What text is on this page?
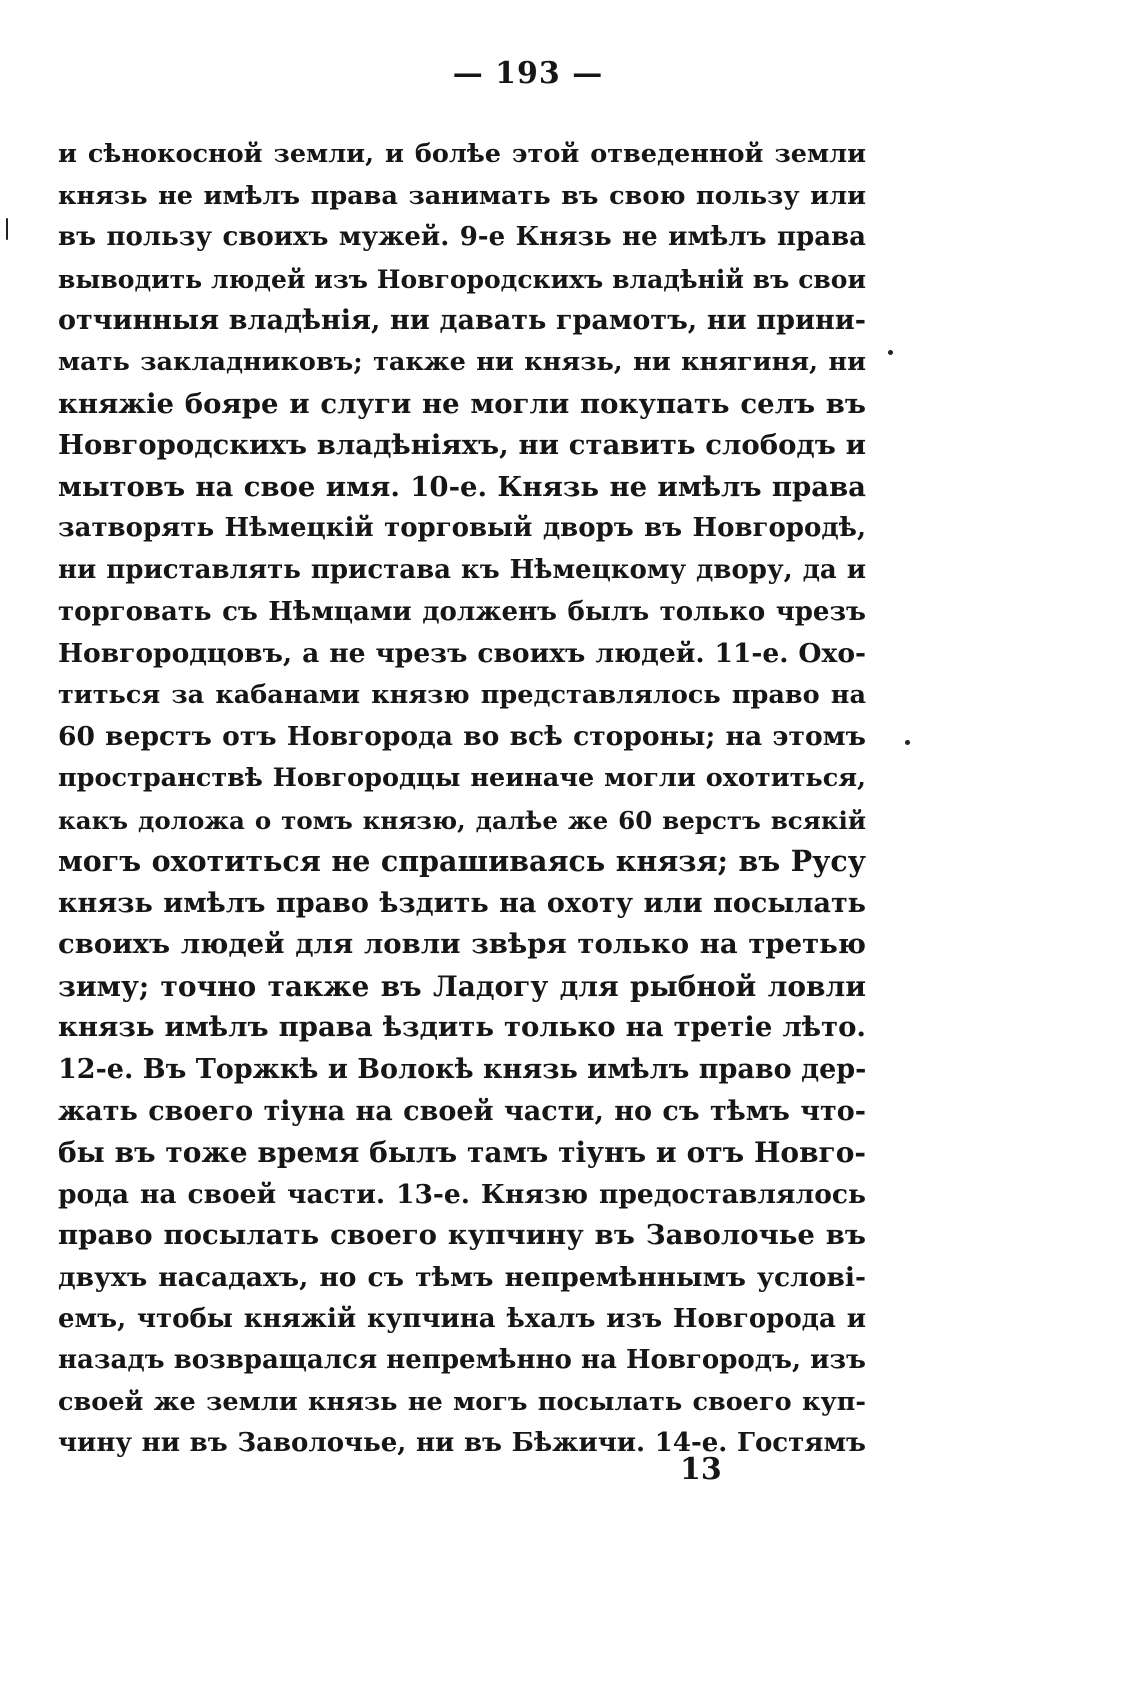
— 193 —
и сѣнокосной земли, и болѣе этой отведенной земли
князь не имѣлъ права занимать въ свою пользу или
въ пользу своихъ мужей. 9-е Князь не имѣлъ права
выводить людей изъ Новгородскихъ владѣній въ свои
отчинныя владѣнія, ни давать грамотъ, ни прини-
мать закладниковъ; также ни князь, ни княгиня, ни
княжіе бояре и слуги не могли покупать селъ въ
Новгородскихъ владѣніяхъ, ни ставить слободъ и
мытовъ на свое имя. 10-е. Князь не имѣлъ права
затворять Нѣмецкій торговый дворъ въ Новгородѣ,
ни приставлять пристава къ Нѣмецкому двору, да и
торговать съ Нѣмцами долженъ былъ только чрезъ
Новгородцовъ, а не чрезъ своихъ людей. 11-е. Охо-
титься за кабанами князю представлялось право на
60 верстъ отъ Новгорода во всѣ стороны; на этомъ
пространствѣ Новгородцы неиначе могли охотиться,
какъ доложа о томъ князю, далѣе же 60 верстъ всякій
могъ охотиться не спрашиваясь князя; въ Русу
князь имѣлъ право ѣздить на охоту или посылать
своихъ людей для ловли звѣря только на третью
зиму; точно также въ Ладогу для рыбной ловли
князь имѣлъ права ѣздить только на третіе лѣто.
12-е. Въ Торжкѣ и Волокѣ князь имѣлъ право дер-
жать своего тіуна на своей части, но съ тѣмъ что-
бы въ тоже время былъ тамъ тіунъ и отъ Новго-
рода на своей части. 13-е. Князю предоставлялось
право посылать своего купчину въ Заволочье въ
двухъ насадахъ, но съ тѣмъ непремѣннымъ услові-
емъ, чтобы княжій купчина ѣхалъ изъ Новгорода и
назадъ возвращался непремѣнно на Новгородъ, изъ
своей же земли князь не могъ посылать своего куп-
чину ни въ Заволочье, ни въ Бѣжичи. 14-е. Гостямъ
13
